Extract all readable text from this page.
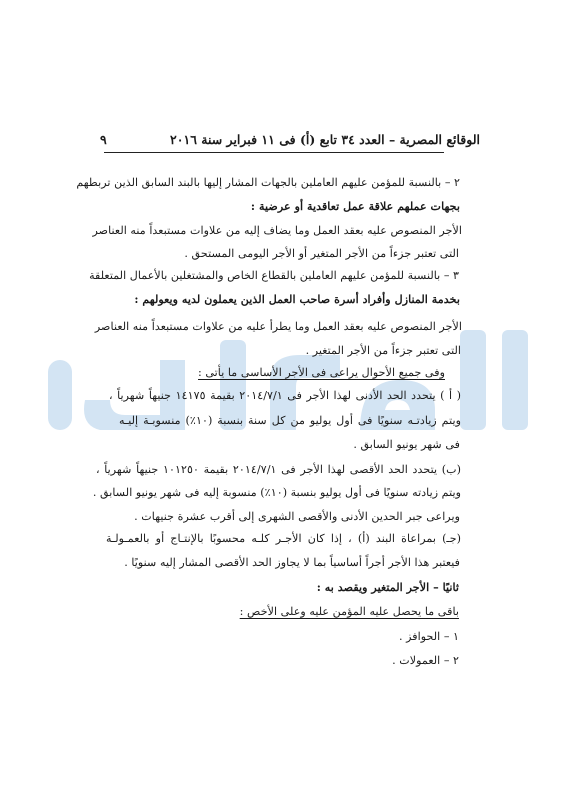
٩	الوقائع المصرية – العدد ٣٤ تابع (أ) فى ١١ فبراير سنة ٢٠١٦
٢ – بالنسبة للمؤمن عليهم العاملين بالجهات المشار إليها بالبند السابق الذين تربطهم
بجهات عملهم علاقة عمل تعاقدية أو عرضية :
الأجر المنصوص عليه بعقد العمل وما يضاف إليه من علاوات مستبعداً منه العناصر
التى تعتبر جزءاً من الأجر المتغير أو الأجر اليومى المستحق .
٣ – بالنسبة للمؤمن عليهم العاملين بالقطاع الخاص والمشتغلين بالأعمال المتعلقة
بخدمة المنازل وأفراد أسرة صاحب العمل الذين يعملون لديه ويعولهم :
الأجر المنصوص عليه بعقد العمل وما يطرأ عليه من علاوات مستبعداً منه العناصر
التى تعتبر جزءاً من الأجر المتغير .
وفى جميع الأحوال يراعى فى الأجر الأساسى ما يأتى :
( أ ) يتحدد الحد الأدنى لهذا الأجر فى ٢٠١٤/٧/١ بقيمة ١٤١٧٥ جنيهاً شهرياً ،
ويتم زيادتـه سنويًا فى أول يوليو من كل سنة بنسبة (١٠٪) منسوبـة إليـه
فى شهر يونيو السابق .
(ب) يتحدد الحد الأقصى لهذا الأجر فى ٢٠١٤/٧/١ بقيمة ١٠١٢٥٠ جنيهاً شهرياً ،
ويتم زيادته سنويًا فى أول يوليو بنسبة (١٠٪) منسوبة إليه فى شهر يونيو السابق .
ويراعى جبر الحدين الأدنى والأقصى الشهرى إلى أقرب عشرة جنيهات .
(جـ) بمراعاة البند (أ) ، إذا كان الأجـر كلـه محسوبًا بالإنتـاج أو بالعمـولـة
فيعتبر هذا الأجر أجراً أساسياً بما لا يجاوز الحد الأقصى المشار إليه سنويًا .
ثانيًا – الأجر المتغير ويقصد به :
باقى ما يحصل عليه المؤمن عليه وعلى الأخص :
١ – الحوافز .
٢ – العمولات .
